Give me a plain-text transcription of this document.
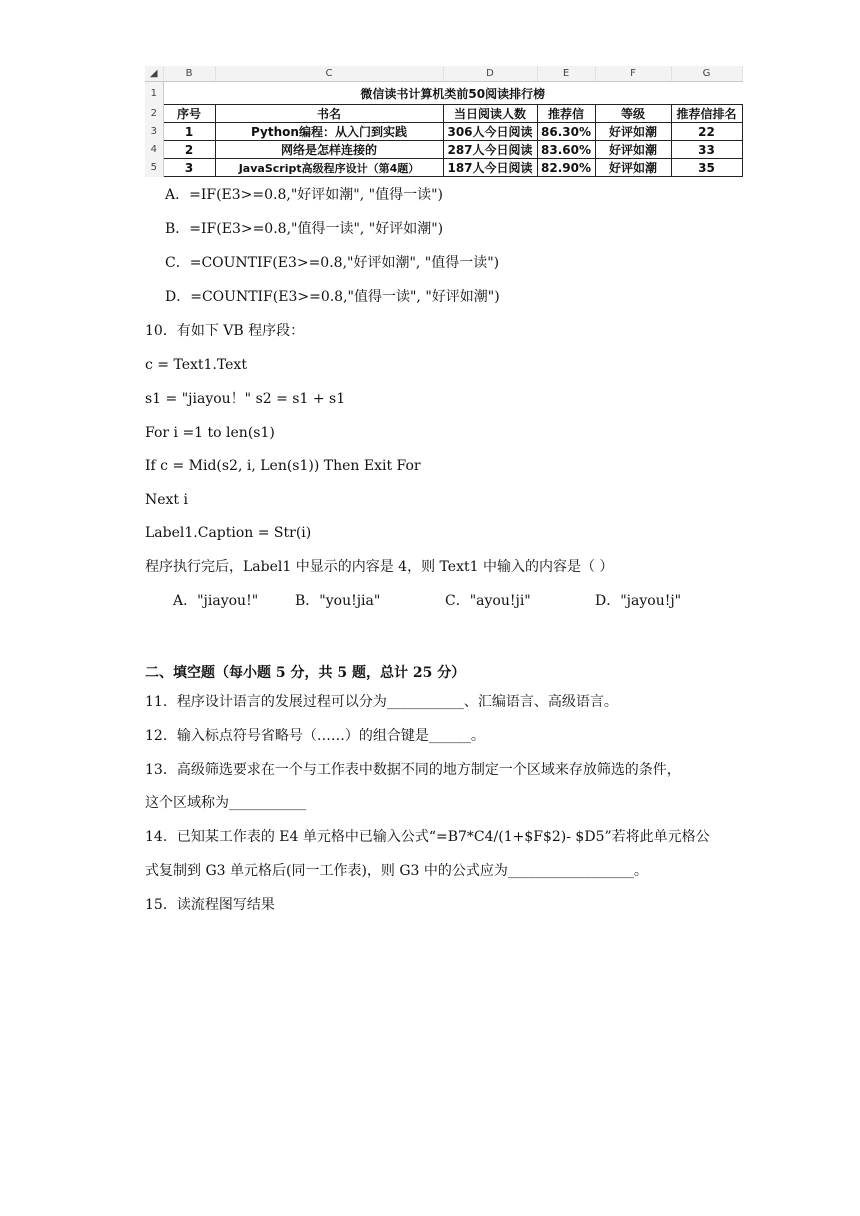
◢	B	C	D	E	F	G
1	微信读书计算机类前50阅读排行榜					
2	序号	书名	当日阅读人数	推荐信	等级	推荐信排名
3	1	Python编程：从入门到实践	306人今日阅读	86.30%	好评如潮	22
4	2	网络是怎样连接的	287人今日阅读	83.60%	好评如潮	33
5	3	JavaScript高级程序设计（第4题）	187人今日阅读	82.90%	好评如潮	35
A．=IF(E3>=0.8,"好评如潮", "值得一读")
B．=IF(E3>=0.8,"值得一读", "好评如潮")
C．=COUNTIF(E3>=0.8,"好评如潮", "值得一读")
D．=COUNTIF(E3>=0.8,"值得一读", "好评如潮")
10．有如下 VB 程序段：
c = Text1.Text
s1 = "jiayou！" s2 = s1 + s1
For i =1 to len(s1)
If c = Mid(s2, i, Len(s1)) Then Exit For
Next i
Label1.Caption = Str(i)
程序执行完后，Label1 中显示的内容是 4，则 Text1 中输入的内容是（ ）
A．"jiayou!"	B．"you!jia"	C．"ayou!ji"	D．"jayou!j"
二、填空题（每小题 5 分，共 5 题，总计 25 分）
11．程序设计语言的发展过程可以分为___________、汇编语言、高级语言。
12．输入标点符号省略号（……）的组合键是______。
13．高级筛选要求在一个与工作表中数据不同的地方制定一个区域来存放筛选的条件，
这个区域称为___________
14．已知某工作表的 E4 单元格中已输入公式“=B7*C4/(1+$F$2)- $D5”若将此单元格公
式复制到 G3 单元格后(同一工作表)，则 G3 中的公式应为__________________。
15．读流程图写结果
